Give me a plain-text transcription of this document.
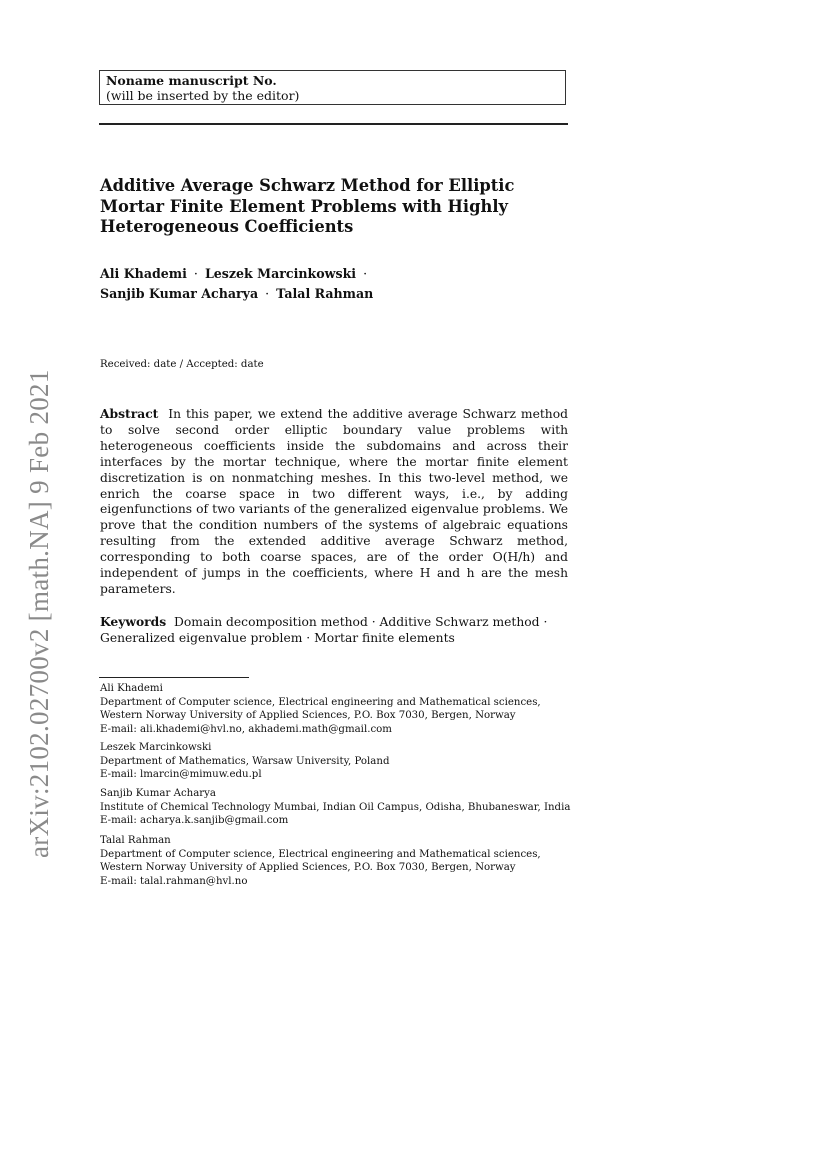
arXiv:2102.02700v2 [math.NA] 9 Feb 2021
Noname manuscript No.
(will be inserted by the editor)
Additive Average Schwarz Method for Elliptic
Mortar Finite Element Problems with Highly
Heterogeneous Coefficients
Ali Khademi · Leszek Marcinkowski ·
Sanjib Kumar Acharya · Talal Rahman
Received: date / Accepted: date

Abstract In this paper, we extend the additive average Schwarz method to solve second order elliptic boundary value problems with heterogeneous coefficients inside the subdomains and across their interfaces by the mortar technique, where the mortar finite element discretization is on nonmatching meshes. In this two-level method, we enrich the coarse space in two different ways, i.e., by adding eigenfunctions of two variants of the generalized eigenvalue problems. We prove that the condition numbers of the systems of algebraic equations resulting from the extended additive average Schwarz method, corresponding to both coarse spaces, are of the order O(H/h) and independent of jumps in the coefficients, where H and h are the mesh parameters.

Keywords Domain decomposition method · Additive Schwarz method · Generalized eigenvalue problem · Mortar finite elements

Ali Khademi
Department of Computer science, Electrical engineering and Mathematical sciences,
Western Norway University of Applied Sciences, P.O. Box 7030, Bergen, Norway
E-mail: ali.khademi@hvl.no, akhademi.math@gmail.com
Leszek Marcinkowski
Department of Mathematics, Warsaw University, Poland
E-mail: lmarcin@mimuw.edu.pl
Sanjib Kumar Acharya
Institute of Chemical Technology Mumbai, Indian Oil Campus, Odisha, Bhubaneswar, India
E-mail: acharya.k.sanjib@gmail.com
Talal Rahman
Department of Computer science, Electrical engineering and Mathematical sciences,
Western Norway University of Applied Sciences, P.O. Box 7030, Bergen, Norway
E-mail: talal.rahman@hvl.no
